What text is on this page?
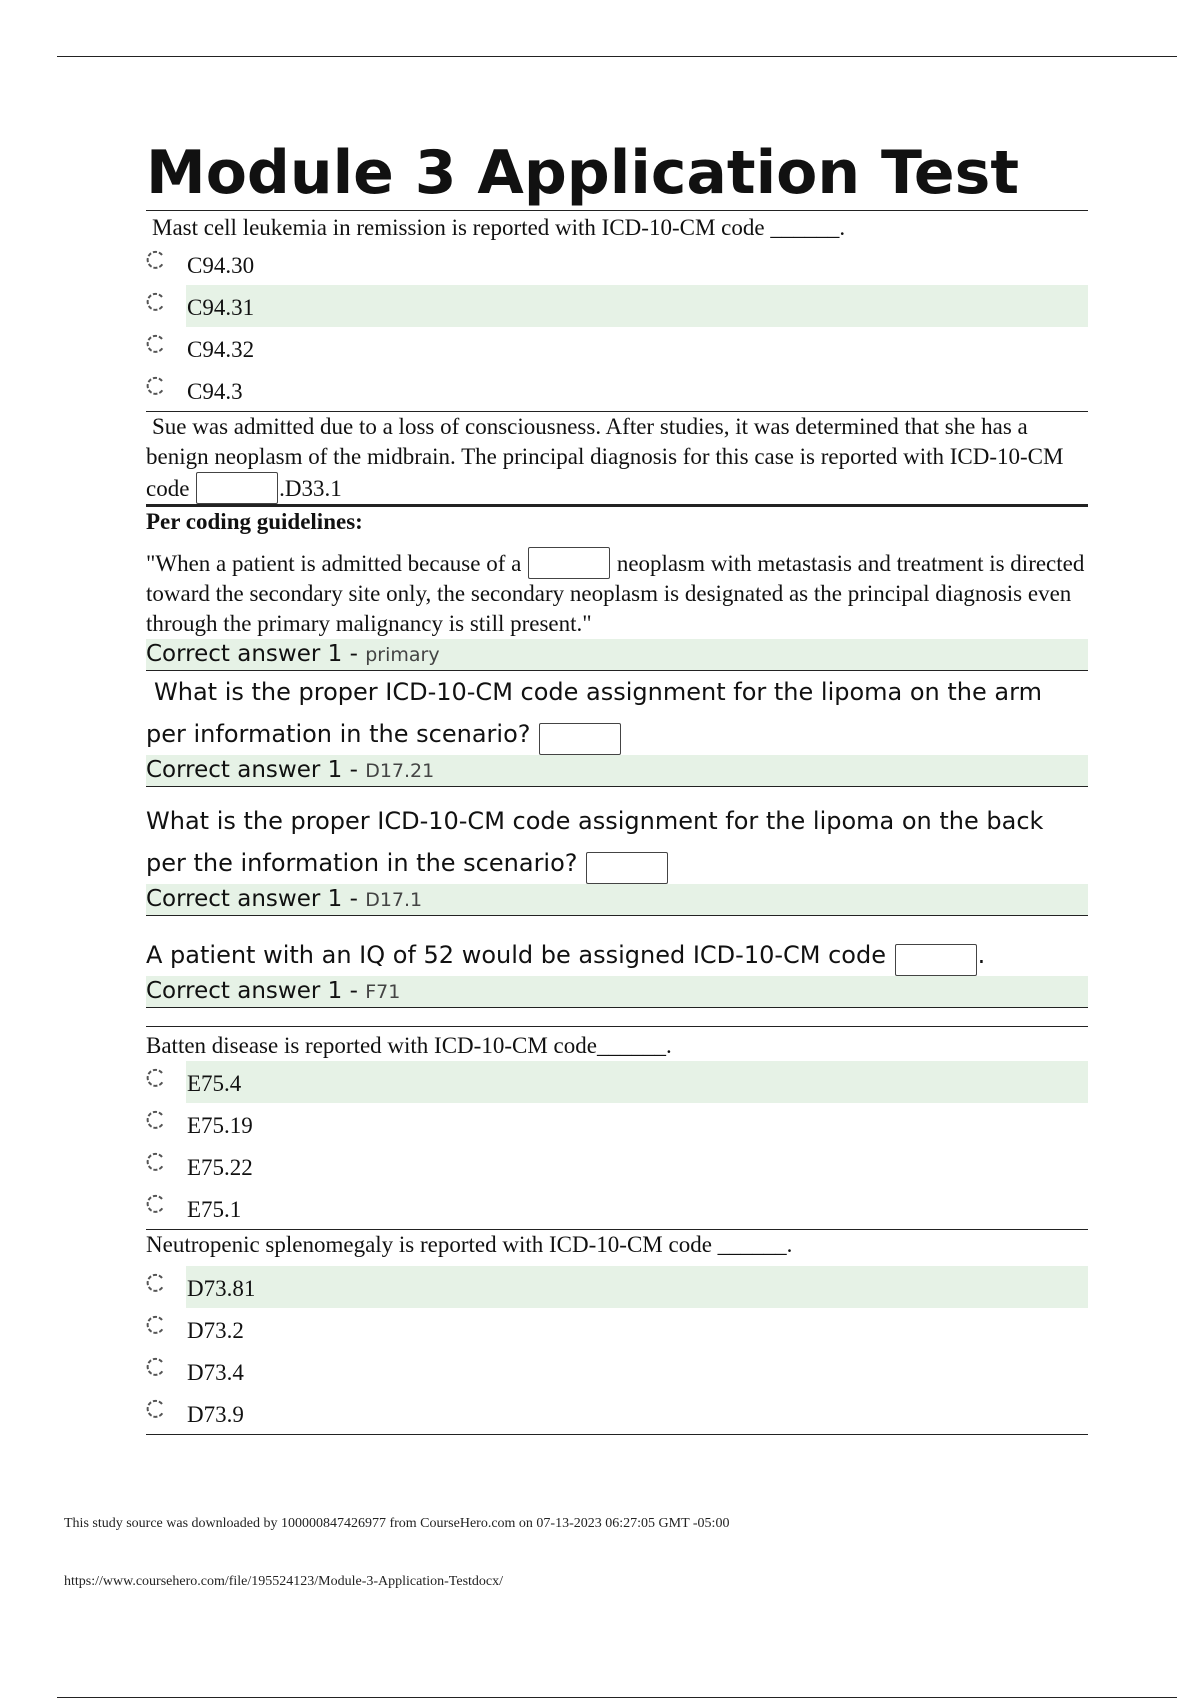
Module 3 Application Test
Mast cell leukemia in remission is reported with ICD-10-CM code ______.
C94.30
C94.31
C94.32
C94.3
Sue was admitted due to a loss of consciousness. After studies, it was determined that she has a benign neoplasm of the midbrain. The principal diagnosis for this case is reported with ICD-10-CM code	.D33.1
Per coding guidelines:
"When a patient is admitted because of a	neoplasm with metastasis and treatment is directed toward the secondary site only, the secondary neoplasm is designated as the principal diagnosis even through the primary malignancy is still present."
Correct answer 1 - primary
What is the proper ICD-10-CM code assignment for the lipoma on the arm per information in the scenario?
Correct answer 1 - D17.21
What is the proper ICD-10-CM code assignment for the lipoma on the back per the information in the scenario?
Correct answer 1 - D17.1
A patient with an IQ of 52 would be assigned ICD-10-CM code	.
Correct answer 1 - F71
Batten disease is reported with ICD-10-CM code______.
E75.4
E75.19
E75.22
E75.1
Neutropenic splenomegaly is reported with ICD-10-CM code ______.
D73.81
D73.2
D73.4
D73.9
This study source was downloaded by 100000847426977 from CourseHero.com on 07-13-2023 06:27:05 GMT -05:00
https://www.coursehero.com/file/195524123/Module-3-Application-Testdocx/
